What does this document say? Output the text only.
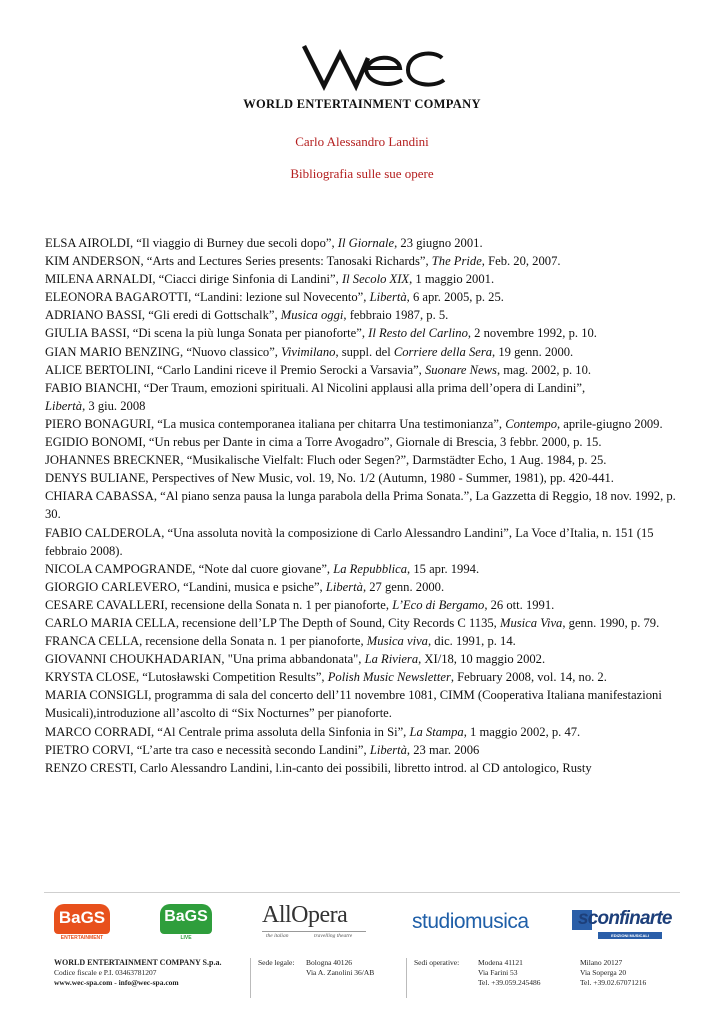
WORLD ENTERTAINMENT COMPANY
Carlo Alessandro Landini
Bibliografia sulle sue opere
ELSA AIROLDI, “Il viaggio di Burney due secoli dopo”, Il Giornale, 23 giugno 2001.
KIM ANDERSON, “Arts and Lectures Series presents: Tanosaki Richards”, The Pride, Feb. 20, 2007.
MILENA ARNALDI, “Ciacci dirige Sinfonia di Landini”, Il Secolo XIX, 1 maggio 2001.
ELEONORA BAGAROTTI, “Landini: lezione sul Novecento”, Libertà, 6 apr. 2005, p. 25.
ADRIANO BASSI, “Gli eredi di Gottschalk”, Musica oggi, febbraio 1987, p. 5.
GIULIA BASSI, “Di scena la più lunga Sonata per pianoforte”, Il Resto del Carlino, 2 novembre 1992, p. 10.
GIAN MARIO BENZING, “Nuovo classico”, Vivimilano, suppl. del Corriere della Sera, 19 genn. 2000.
ALICE BERTOLINI, “Carlo Landini riceve il Premio Serocki a Varsavia”, Suonare News, mag. 2002, p. 10.
FABIO BIANCHI, “Der Traum, emozioni spirituali. Al Nicolini applausi alla prima dell’opera di Landini”,
Libertà, 3 giu. 2008
PIERO BONAGURI, “La musica contemporanea italiana per chitarra Una testimonianza”, Contempo, aprile-giugno 2009.
EGIDIO BONOMI, “Un rebus per Dante in cima a Torre Avogadro”, Giornale di Brescia, 3 febbr. 2000, p. 15.
JOHANNES BRECKNER, “Musikalische Vielfalt: Fluch oder Segen?”, Darmstädter Echo, 1 Aug. 1984, p. 25.
DENYS BULIANE, Perspectives of New Music, vol. 19, No. 1/2 (Autumn, 1980 - Summer, 1981), pp. 420-441.
CHIARA CABASSA, “Al piano senza pausa la lunga parabola della Prima Sonata.”, La Gazzetta di Reggio, 18 nov. 1992, p. 30.
FABIO CALDEROLA, “Una assoluta novità la composizione di Carlo Alessandro Landini”, La Voce d’Italia, n. 151 (15 febbraio 2008).
NICOLA CAMPOGRANDE, “Note dal cuore giovane”, La Repubblica, 15 apr. 1994.
GIORGIO CARLEVERO, “Landini, musica e psiche”, Libertà, 27 genn. 2000.
CESARE CAVALLERI, recensione della Sonata n. 1 per pianoforte, L’Eco di Bergamo, 26 ott. 1991.
CARLO MARIA CELLA, recensione dell’LP The Depth of Sound, City Records C 1135, Musica Viva, genn. 1990, p. 79.
FRANCA CELLA, recensione della Sonata n. 1 per pianoforte, Musica viva, dic. 1991, p. 14.
GIOVANNI CHOUKHADARIAN, "Una prima abbandonata", La Riviera, XI/18, 10 maggio 2002.
KRYSTA CLOSE, “Lutosławski Competition Results”, Polish Music Newsletter, February 2008, vol. 14, no. 2.
MARIA CONSIGLI, programma di sala del concerto dell’11 novembre 1081, CIMM (Cooperativa Italiana manifestazioni Musicali),introduzione all’ascolto di “Six Nocturnes” per pianoforte.
MARCO CORRADI, “Al Centrale prima assoluta della Sinfonia in Si”, La Stampa, 1 maggio 2002, p. 47.
PIETRO CORVI, “L’arte tra caso e necessità secondo Landini”, Libertà, 23 mar. 2006
RENZO CRESTI, Carlo Alessandro Landini, l.in-canto dei possibili, libretto introd. al CD antologico, Rusty
BaGS
ENTERTAINMENT
BaGS
LIVE
AllOpera
the italian	travelling theatre
studiomusica	sconfinarte
EDIZIONI MUSICALI
WORLD ENTERTAINMENT COMPANY S.p.a.
Codice fiscale e P.I. 03463781207
www.wec-spa.com - info@wec-spa.com
Sede legale: Bologna 40126
Via A. Zanolini 36/AB
Sedi operative:	Modena 41121
Via Farini 53
Tel. +39.059.245486
Milano 20127
Via Soperga 20
Tel. +39.02.67071216
